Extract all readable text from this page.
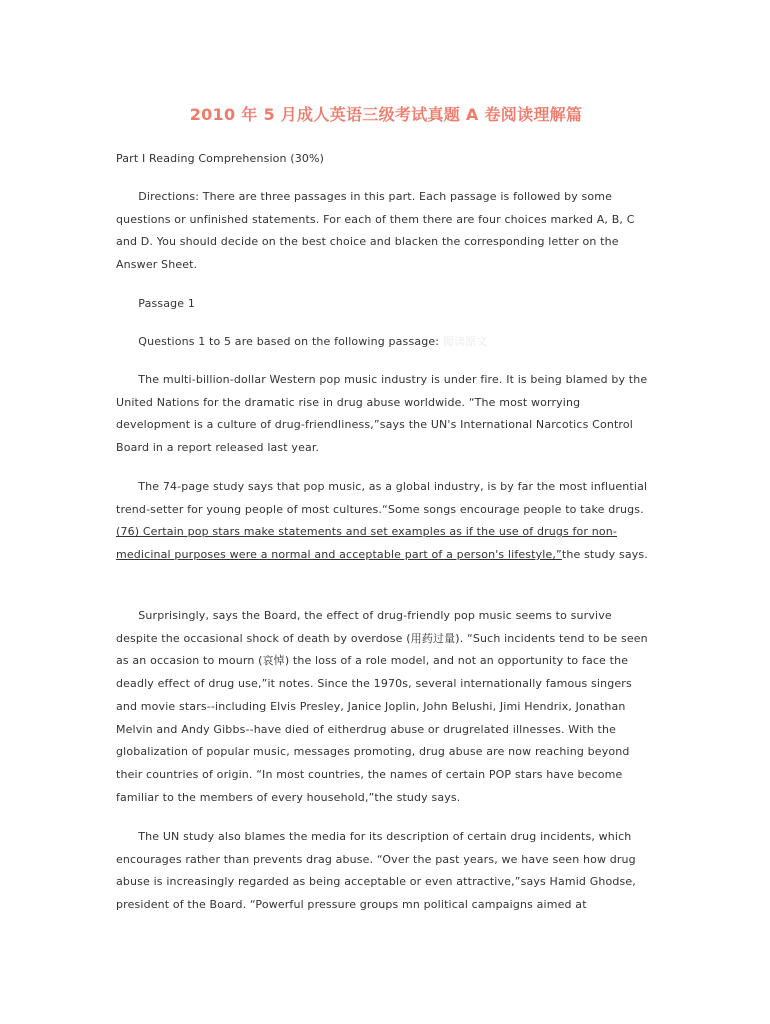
2010 年 5 月成人英语三级考试真题 A 卷阅读理解篇

Part I Reading Comprehension (30%)

　　Directions: There are three passages in this part. Each passage is followed by some questions or unfinished statements. For each of them there are four choices marked A, B, C and D. You should decide on the best choice and blacken the corresponding letter on the Answer Sheet.

　　Passage 1

　　Questions 1 to 5 are based on the following passage: 阅读原文

　　The multi-billion-dollar Western pop music industry is under fire. It is being blamed by the United Nations for the dramatic rise in drug abuse worldwide. “The most worrying development is a culture of drug-friendliness,”says the UN's International Narcotics Control Board in a report released last year.

　　The 74-page study says that pop music, as a global industry, is by far the most influential trend-setter for young people of most cultures.“Some songs encourage people to take drugs. (76) Certain pop stars make statements and set examples as if the use of drugs for non-medicinal purposes were a normal and acceptable part of a person's lifestyle,”the study says.

　　Surprisingly, says the Board, the effect of drug-friendly pop music seems to survive despite the occasional shock of death by overdose (用药过量). “Such incidents tend to be seen as an occasion to mourn (哀悼) the loss of a role model, and not an opportunity to face the deadly effect of drug use,”it notes. Since the 1970s, several internationally famous singers and movie stars--including Elvis Presley, Janice Joplin, John Belushi, Jimi Hendrix, Jonathan Melvin and Andy Gibbs--have died of eitherdrug abuse or drugrelated illnesses. With the globalization of popular music, messages promoting, drug abuse are now reaching beyond their countries of origin. “In most countries, the names of certain POP stars have become familiar to the members of every household,”the study says.

　　The UN study also blames the media for its description of certain drug incidents, which encourages rather than prevents drag abuse. “Over the past years, we have seen how drug abuse is increasingly regarded as being acceptable or even attractive,”says Hamid Ghodse, president of the Board. “Powerful pressure groups mn political campaigns aimed at
